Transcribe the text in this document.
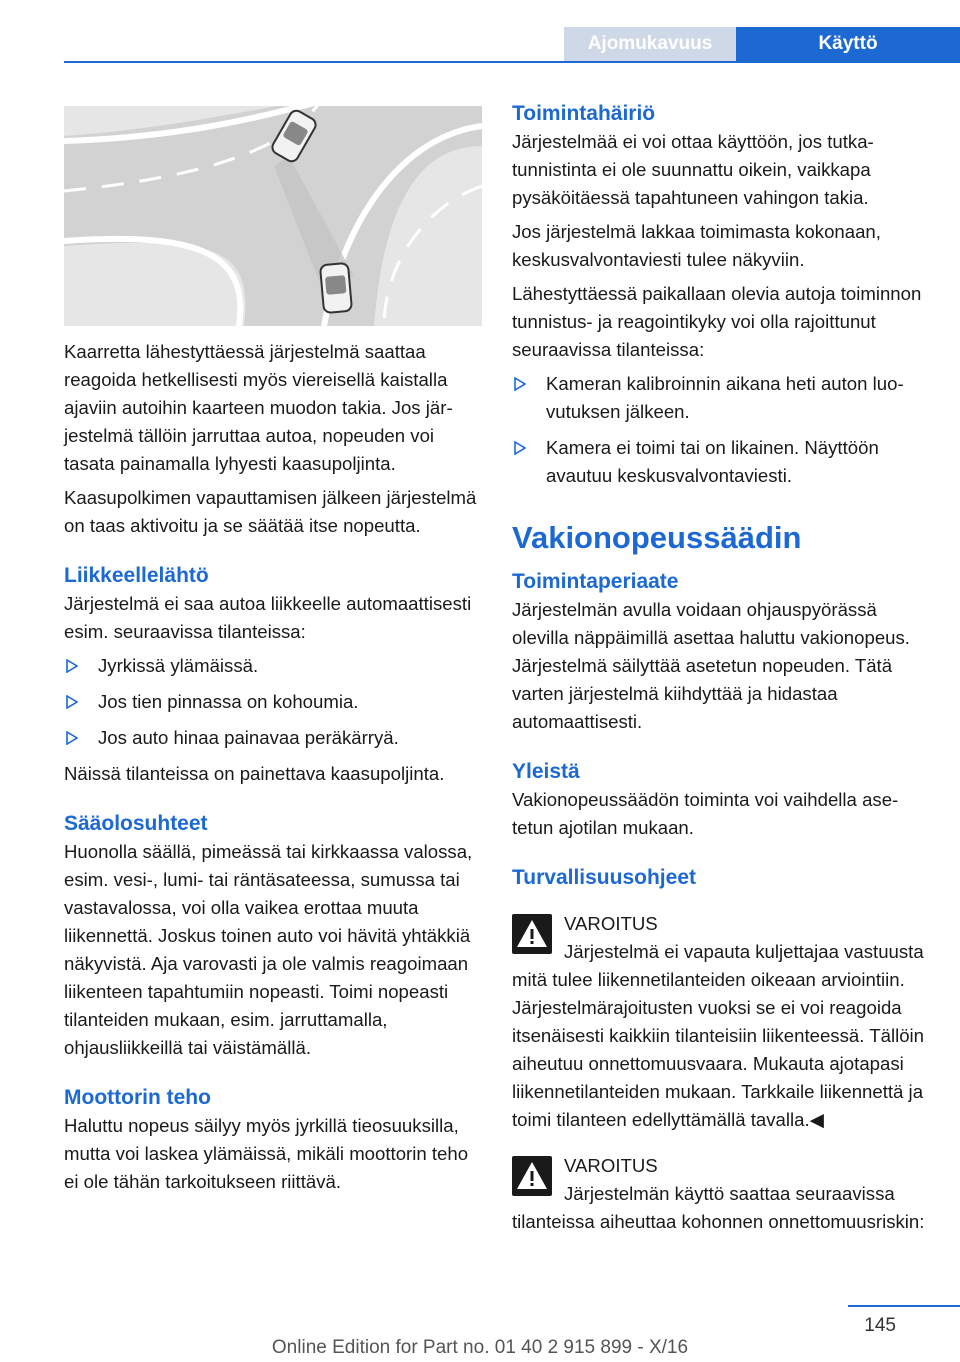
Ajomukavuus	Käyttö

Kaarretta lähestyttäessä järjestelmä saattaa reagoida hetkellisesti myös viereisellä kaistalla ajaviin autoihin kaarteen muodon takia. Jos järjestelmä tällöin jarruttaa autoa, nopeuden voi tasata painamalla lyhyesti kaasupoljinta.

Kaasupolkimen vapauttamisen jälkeen järjestelmä on taas aktivoitu ja se säätää itse nopeutta.

Liikkeellelähtö

Järjestelmä ei saa autoa liikkeelle automaattisesti esim. seuraavissa tilanteissa:

Jyrkissä ylämäissä.
Jos tien pinnassa on kohoumia.
Jos auto hinaa painavaa peräkärryä.

Näissä tilanteissa on painettava kaasupoljinta.

Sääolosuhteet

Huonolla säällä, pimeässä tai kirkkaassa valossa, esim. vesi-, lumi- tai räntäsateessa, sumussa tai vastavalossa, voi olla vaikea erottaa muuta liikennettä. Joskus toinen auto voi hävitä yhtäkkiä näkyvistä. Aja varovasti ja ole valmis reagoimaan liikenteen tapahtumiin nopeasti. Toimi nopeasti tilanteiden mukaan, esim. jarruttamalla, ohjausliikkeillä tai väistämällä.

Moottorin teho

Haluttu nopeus säilyy myös jyrkillä tieosuuksilla, mutta voi laskea ylämäissä, mikäli moottorin teho ei ole tähän tarkoitukseen riittävä.

Toimintahäiriö

Järjestelmää ei voi ottaa käyttöön, jos tutkatunnistinta ei ole suunnattu oikein, vaikkapa pysäköitäessä tapahtuneen vahingon takia.

Jos järjestelmä lakkaa toimimasta kokonaan, keskusvalvontaviesti tulee näkyviin.

Lähestyttäessä paikallaan olevia autoja toiminnon tunnistus- ja reagointikyky voi olla rajoittunut seuraavissa tilanteissa:

Kameran kalibroinnin aikana heti auton luovutuksen jälkeen.
Kamera ei toimi tai on likainen. Näyttöön avautuu keskusvalvontaviesti.
Vakionopeussäädin
Toimintaperiaate

Järjestelmän avulla voidaan ohjauspyörässä olevilla näppäimillä asettaa haluttu vakionopeus. Järjestelmä säilyttää asetetun nopeuden. Tätä varten järjestelmä kiihdyttää ja hidastaa automaattisesti.

Yleistä

Vakionopeussäädön toiminta voi vaihdella asetetun ajotilan mukaan.

Turvallisuusohjeet
VAROITUS

Järjestelmä ei vapauta kuljettajaa vastuusta mitä tulee liikennetilanteiden oikeaan arviointiin. Järjestelmärajoitusten vuoksi se ei voi reagoida itsenäisesti kaikkiin tilanteisiin liikenteessä. Tällöin aiheutuu onnettomuusvaara. Mukauta ajotapasi liikennetilanteiden mukaan. Tarkkaile liikennettä ja toimi tilanteen edellyttämällä tavalla.◀

VAROITUS

Järjestelmän käyttö saattaa seuraavissa tilanteissa aiheuttaa kohonnen onnettomuusriskin:

145
Online Edition for Part no. 01 40 2 915 899 - X/16
